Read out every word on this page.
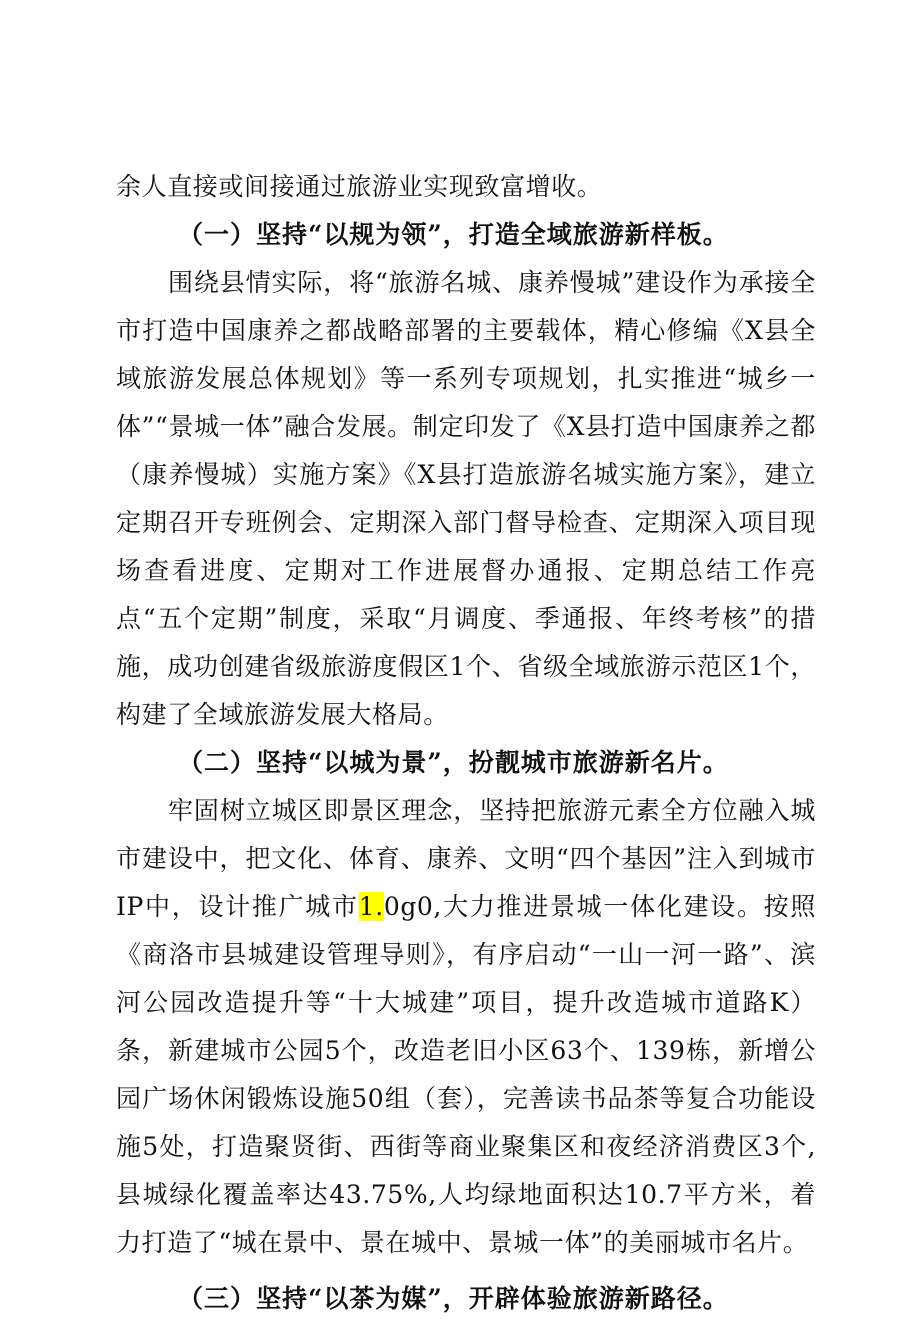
余人直接或间接通过旅游业实现致富增收。

（一）坚持“以规为领”，打造全域旅游新样板。

围绕县情实际，将“旅游名城、康养慢城”建设作为承接全市打造中国康养之都战略部署的主要载体，精心修编《X县全域旅游发展总体规划》等一系列专项规划，扎实推进“城乡一体”“景城一体”融合发展。制定印发了《X县打造中国康养之都（康养慢城）实施方案》《X县打造旅游名城实施方案》，建立定期召开专班例会、定期深入部门督导检查、定期深入项目现场查看进度、定期对工作进展督办通报、定期总结工作亮点“五个定期”制度，采取“月调度、季通报、年终考核”的措施，成功创建省级旅游度假区1个、省级全域旅游示范区1个，构建了全域旅游发展大格局。

（二）坚持“以城为景”，扮靓城市旅游新名片。

牢固树立城区即景区理念，坚持把旅游元素全方位融入城市建设中，把文化、体育、康养、文明“四个基因”注入到城市IP中，设计推广城市1.0g0,大力推进景城一体化建设。按照《商洛市县城建设管理导则》，有序启动“一山一河一路”、滨河公园改造提升等“十大城建”项目，提升改造城市道路K）条，新建城市公园5个，改造老旧小区63个、139栋，新增公园广场休闲锻炼设施50组（套），完善读书品茶等复合功能设施5处，打造聚贤街、西街等商业聚集区和夜经济消费区3个,县城绿化覆盖率达43.75%,人均绿地面积达10.7平方米，着力打造了“城在景中、景在城中、景城一体”的美丽城市名片。

（三）坚持“以茶为媒”，开辟体验旅游新路径。
